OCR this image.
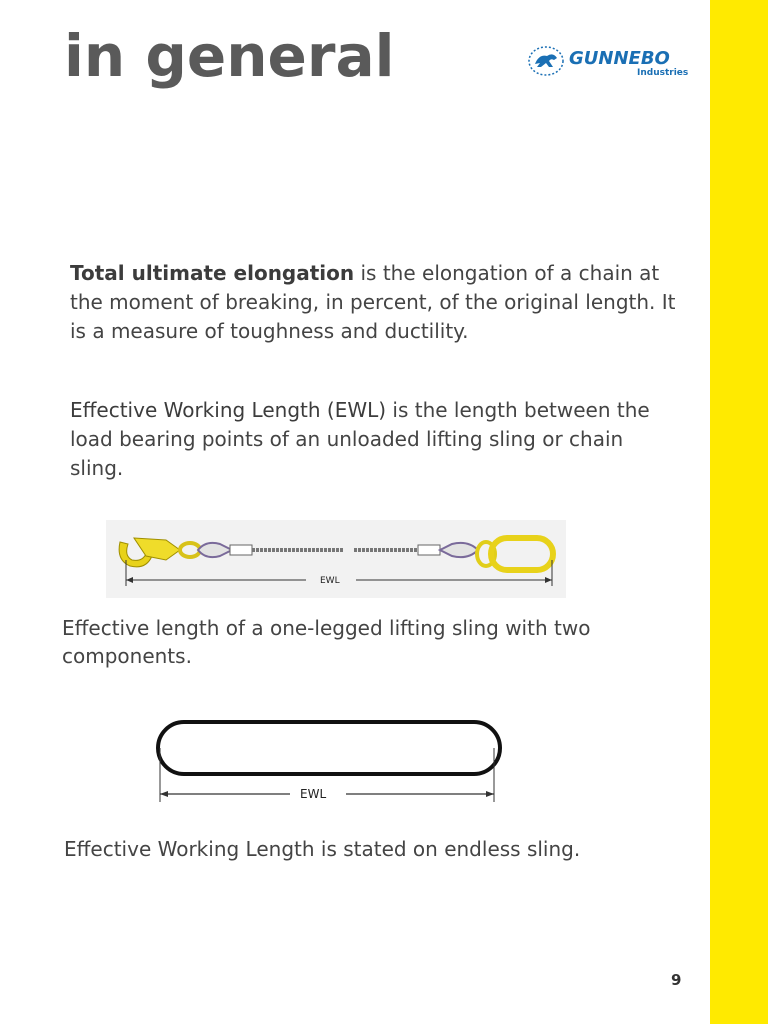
in general	GUNNEBO
Industries

Total ultimate elongation is the elongation of a chain at the moment of breaking, in percent, of the original length. It is a measure of toughness and ductility.

Effective Working Length (EWL) is the length between the load bearing points of an unloaded lifting sling or chain sling.

EWL

Effective length of a one-legged lifting sling with two components.

EWL

Effective Working Length is stated on endless sling.

9
